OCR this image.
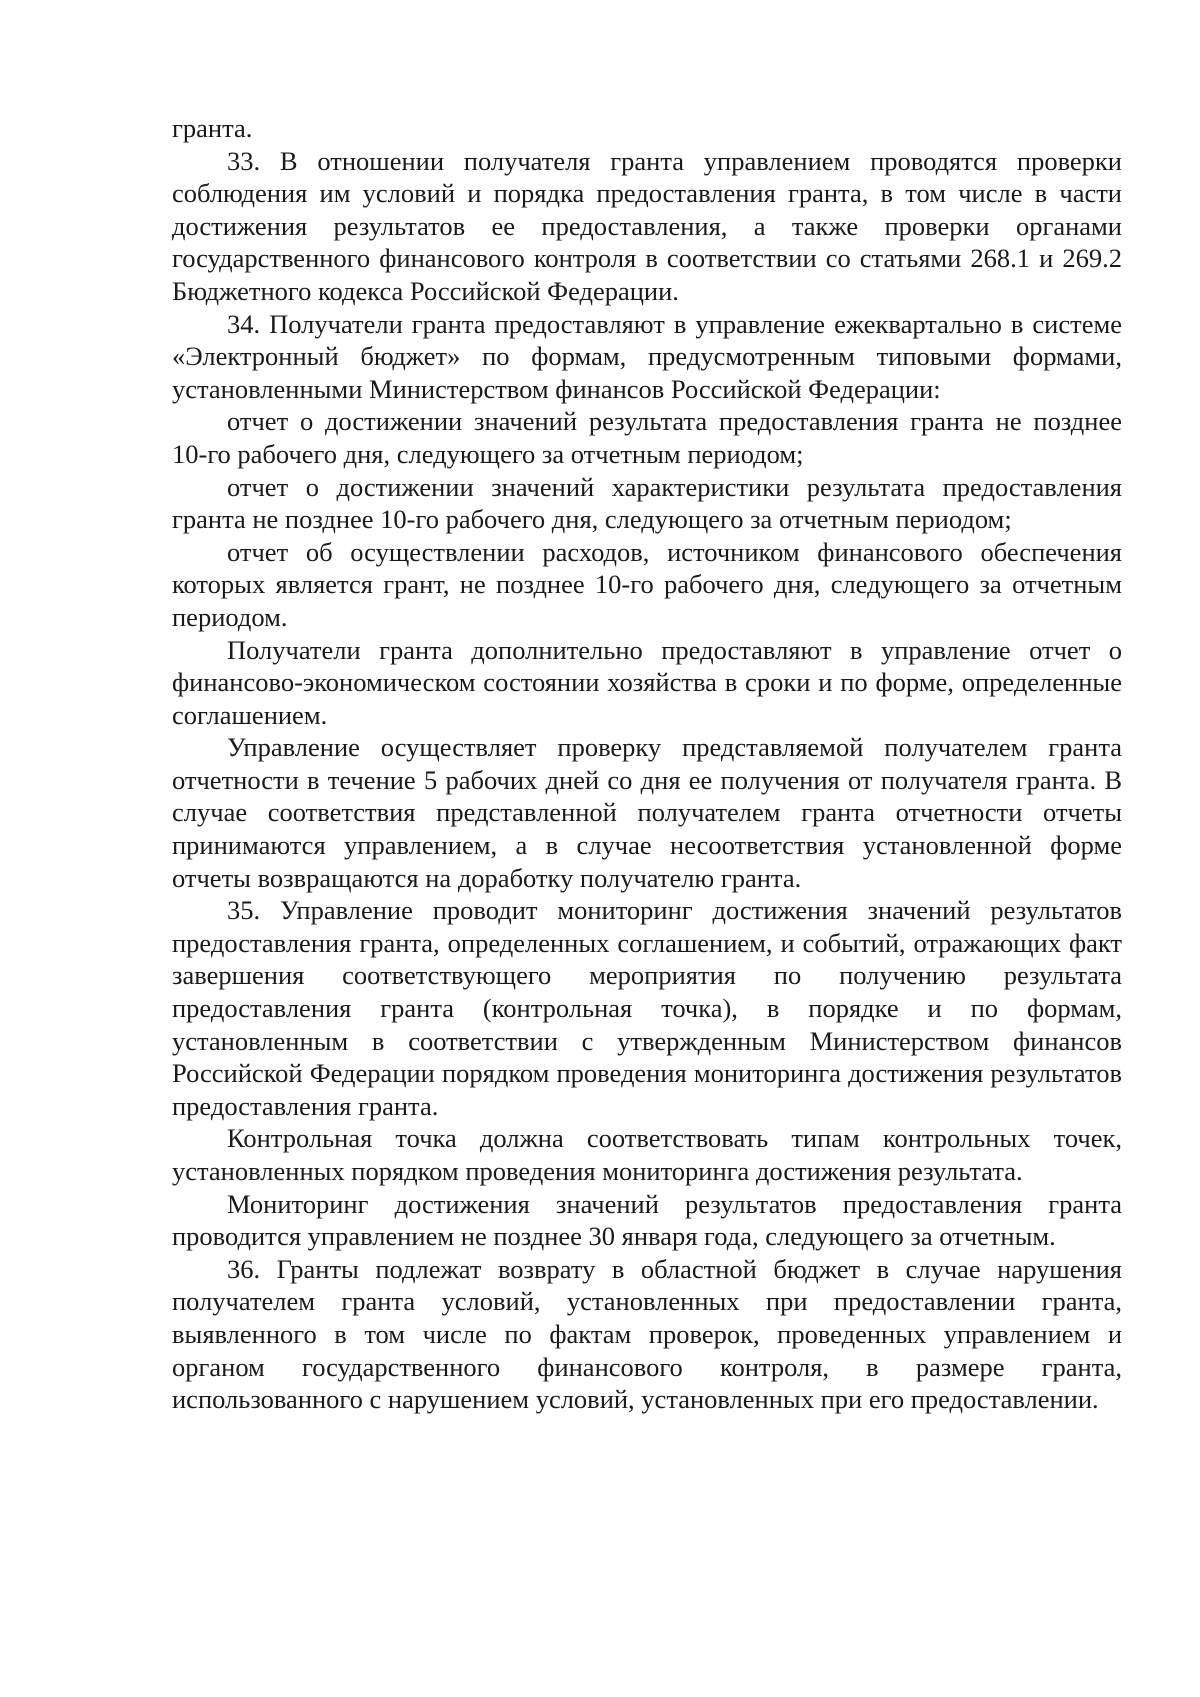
гранта.

33. В отношении получателя гранта управлением проводятся проверки соблюдения им условий и порядка предоставления гранта, в том числе в части достижения результатов ее предоставления, а также проверки органами государственного финансового контроля в соответствии со статьями 268.1 и 269.2 Бюджетного кодекса Российской Федерации.

34. Получатели гранта предоставляют в управление ежеквартально в системе «Электронный бюджет» по формам, предусмотренным типовыми формами, установленными Министерством финансов Российской Федерации:

отчет о достижении значений результата предоставления гранта не позднее 10-го рабочего дня, следующего за отчетным периодом;

отчет о достижении значений характеристики результата предоставления гранта не позднее 10-го рабочего дня, следующего за отчетным периодом;

отчет об осуществлении расходов, источником финансового обеспечения которых является грант, не позднее 10-го рабочего дня, следующего за отчетным периодом.

Получатели гранта дополнительно предоставляют в управление отчет о финансово-экономическом состоянии хозяйства в сроки и по форме, определенные соглашением.

Управление осуществляет проверку представляемой получателем гранта отчетности в течение 5 рабочих дней со дня ее получения от получателя гранта. В случае соответствия представленной получателем гранта отчетности отчеты принимаются управлением, а в случае несоответствия установленной форме отчеты возвращаются на доработку получателю гранта.

35. Управление проводит мониторинг достижения значений результатов предоставления гранта, определенных соглашением, и событий, отражающих факт завершения соответствующего мероприятия по получению результата предоставления гранта (контрольная точка), в порядке и по формам, установленным в соответствии с утвержденным Министерством финансов Российской Федерации порядком проведения мониторинга достижения результатов предоставления гранта.

Контрольная точка должна соответствовать типам контрольных точек, установленных порядком проведения мониторинга достижения результата.

Мониторинг достижения значений результатов предоставления гранта проводится управлением не позднее 30 января года, следующего за отчетным.

36. Гранты подлежат возврату в областной бюджет в случае нарушения получателем гранта условий, установленных при предоставлении гранта, выявленного в том числе по фактам проверок, проведенных управлением и органом государственного финансового контроля, в размере гранта, использованного с нарушением условий, установленных при его предоставлении.
